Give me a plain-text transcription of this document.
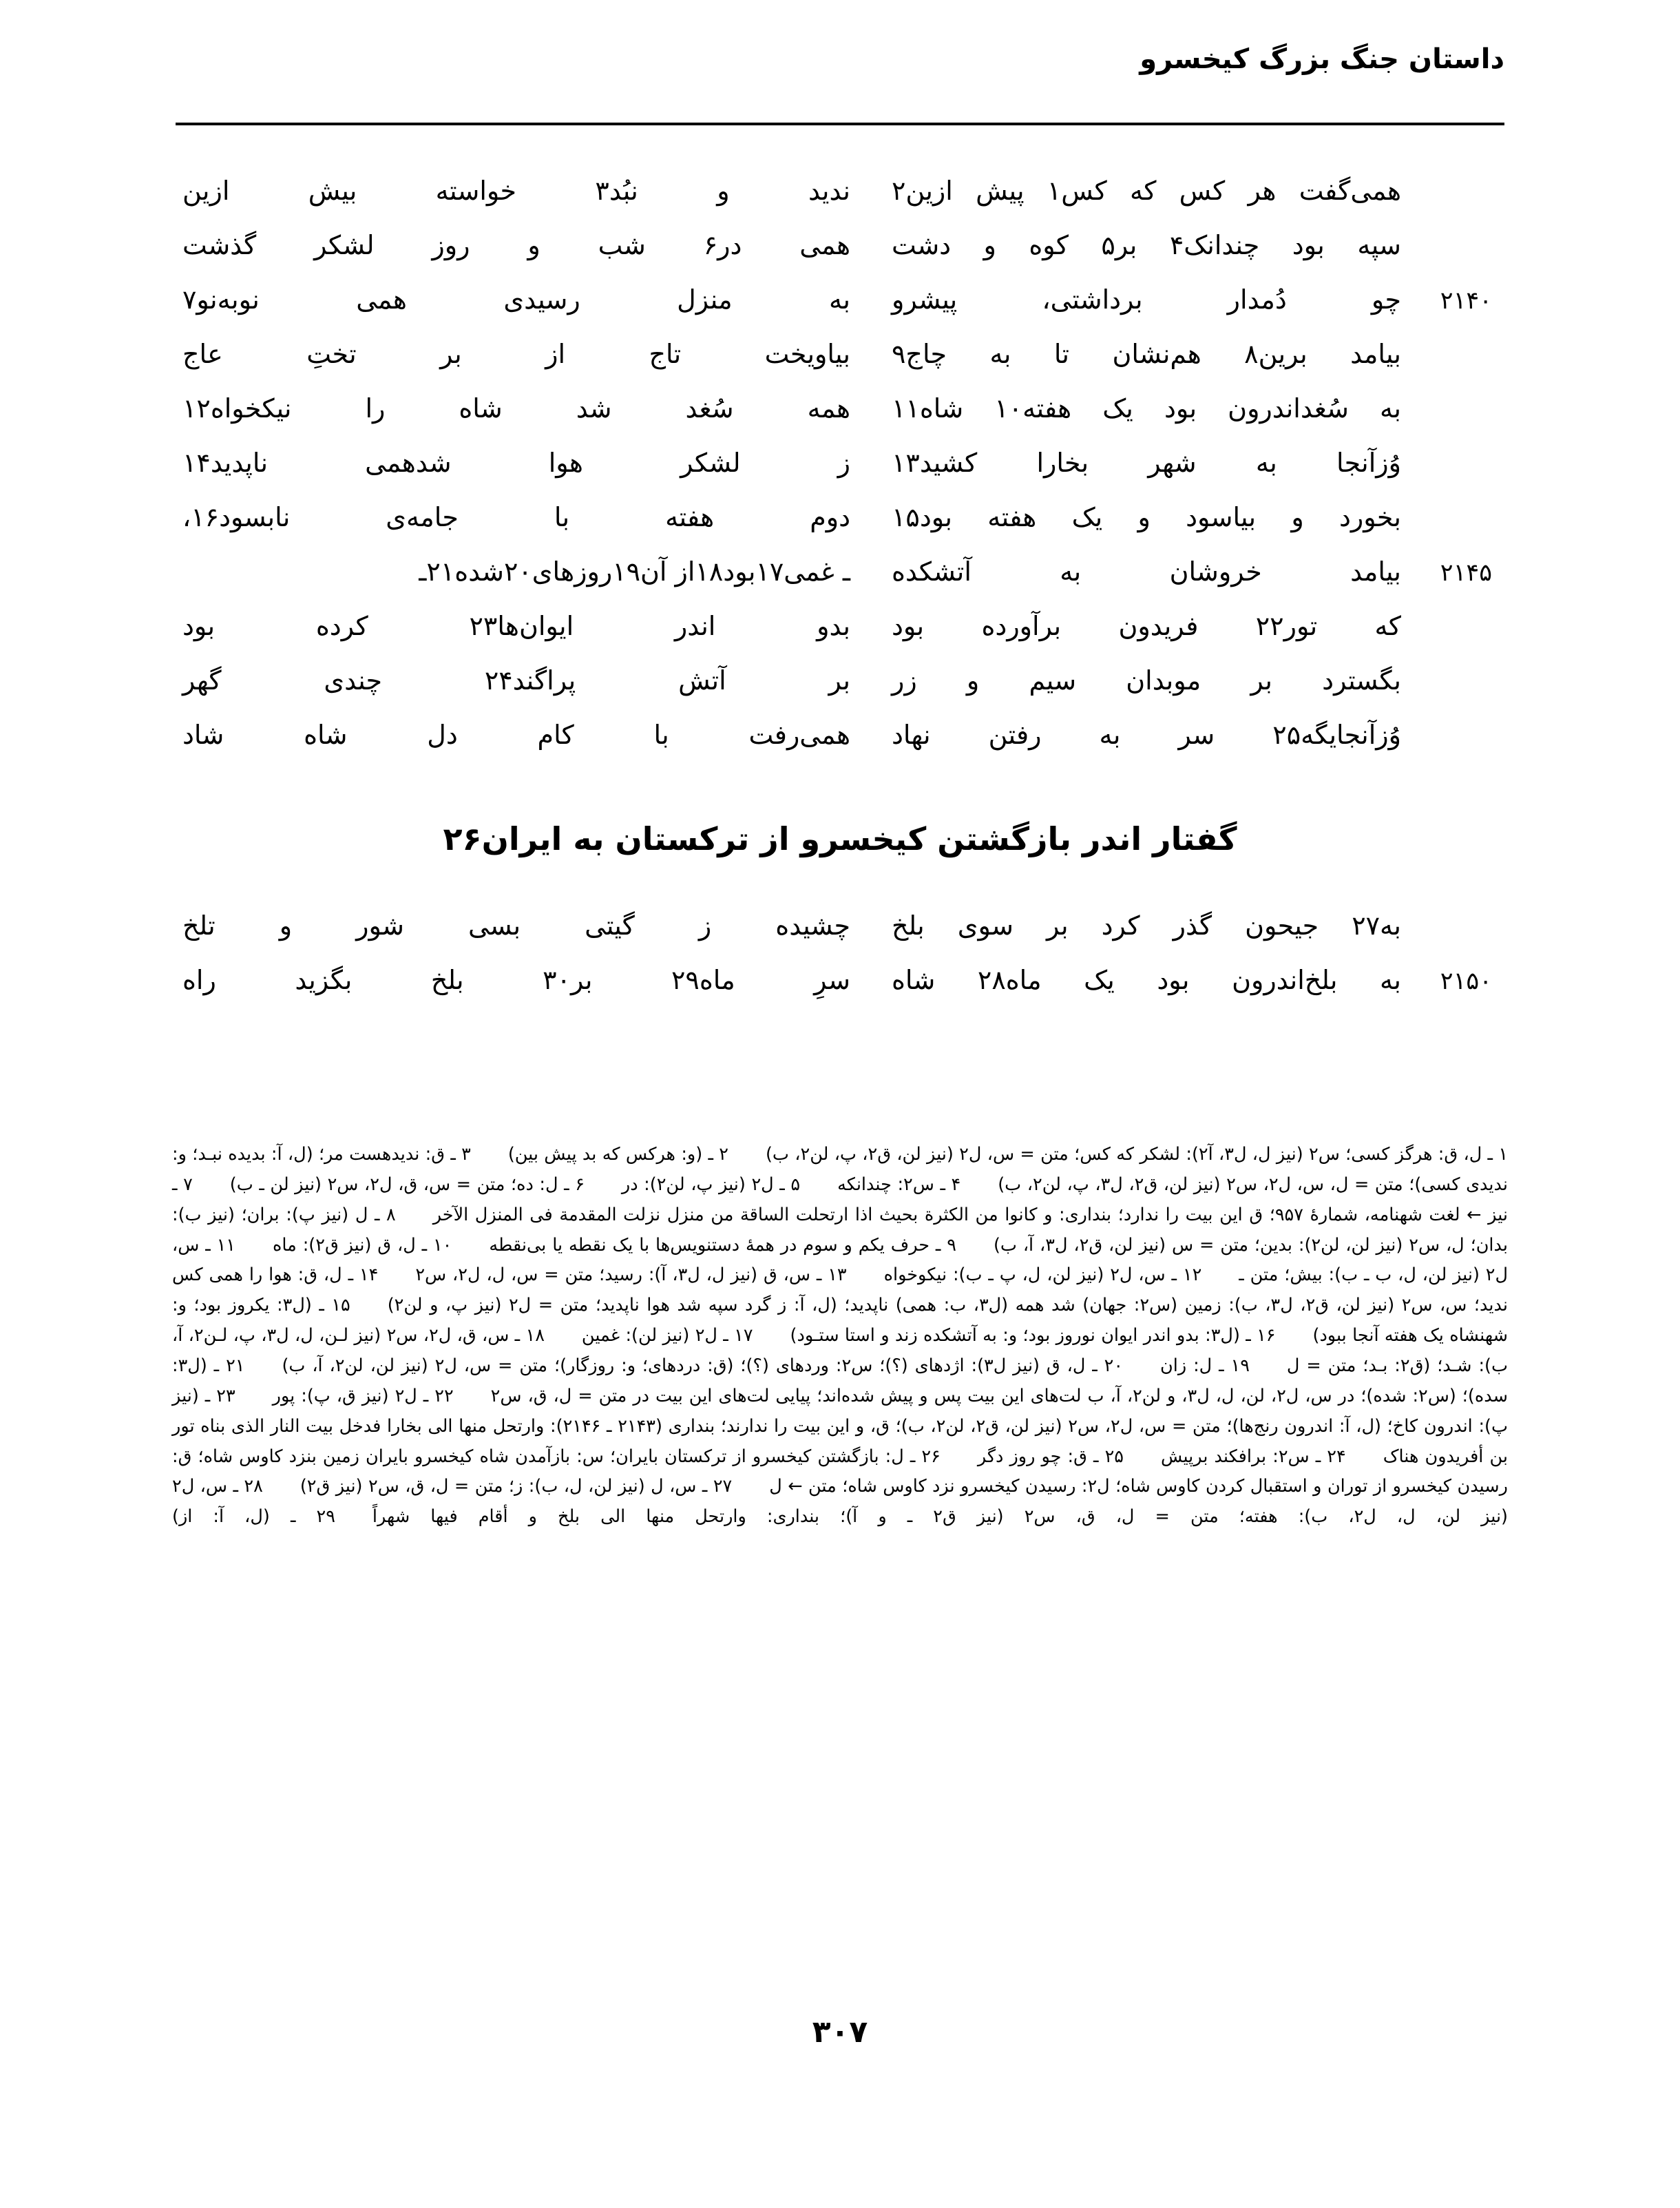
داستان جنگ بزرگ کیخسرو
همی‌گفت هر کس که کس۱ پیش ازین۲
ندید و نبُد۳ خواسته بیش ازین
سپه بود چندانک۴ بر۵ کوه و دشت
همی در۶ شب و روز لشکر گذشت
۲۱۴۰
چو دُمدار برداشتی، پیشرو
به منزل رسیدی همی نوبه‌نو۷
بیامد برین۸ هم‌نشان تا به چاج۹
بیاویخت تاج از بر تختِ عاج
به سُغداندرون بود یک هفته۱۰ شاه۱۱
همه سُغد شد شاه را نیکخواه۱۲
وُزآنجا به شهر بخارا کشید۱۳
ز لشکر هوا شدهمی ناپدید۱۴
بخورد و بیاسود و یک هفته بود۱۵
دوم هفته با جامه‌ی نابسود۱۶،
۲۱۴۵
بیامد خروشان به آتشکده
ـ غمی۱۷بود۱۸از آن۱۹روزهای۲۰شده۲۱ـ
که تور۲۲ فریدون برآورده بود
بدو اندر ایوان‌ها۲۳ کرده بود
بگسترد بر موبدان سیم و زر
بر آتش پراگند۲۴ چندی گهر
وُزآنجایگه۲۵ سر به رفتن نهاد
همی‌رفت با کام دل شاه شاد
گفتار اندر بازگشتن کیخسرو از ترکستان به ایران۲۶
به۲۷ جیحون گذر کرد بر سوی بلخ
چشیده ز گیتی بسی شور و تلخ
۲۱۵۰
به بلخ‌اندرون بود یک ماه۲۸ شاه
سرِ ماه۲۹ بر۳۰ بلخ بگزید راه

۱ ـ ل، ق: هرگز کسی؛ س۲ (نیز ل، ل۳، آ۲): لشکر که کس؛ متن = س، ل۲ (نیز لن، ق۲، پ، لن۲، ب)۲ ـ (و: هرکس که بد پیش بین)۳ ـ ق: ندیدهست مر؛ (ل، آ: بدیده نبـد؛ و: ندیدی کسی)؛ متن = ل، س، ل۲، س۲ (نیز لن، ق۲، ل۳، پ، لن۲، ب)۴ ـ س۲: چندانکه۵ ـ ل۲ (نیز پ، لن۲): در۶ ـ ل: ده؛ متن = س، ق، ل۲، س۲ (نیز لن ـ ب)۷ ـ نیز ← لغت شهنامه، شمارهٔ ۹۵۷؛ ق این بیت را ندارد؛ بنداری: و کانوا من الکثرة بحیث اذا ارتحلت الساقة من منزل نزلت المقدمة فی المنزل الآخر۸ ـ ل (نیز پ): بران؛ (نیز ب): بدان؛ ل، س۲ (نیز لن، لن۲): بدین؛ متن = س (نیز لن، ق۲، ل۳، آ، ب)۹ ـ حرف یکم و سوم در همهٔ دستنویس‌ها با یک نقطه یا بی‌نقطه۱۰ ـ ل، ق (نیز ق۲): ماه۱۱ ـ س، ل۲ (نیز لن، ل، ب ـ ب): بیش؛ متن ـ۱۲ ـ س، ل۲ (نیز لن، ل، پ ـ ب): نیکوخواه۱۳ ـ س، ق (نیز ل، ل۳، آ): رسید؛ متن = س، ل، ل۲، س۲۱۴ ـ ل، ق: هوا را همی کس ندید؛ س، س۲ (نیز لن، ق۲، ل۳، ب): زمین (س۲: جهان) شد همه (ل۳، ب: همی) ناپدید؛ (ل، آ: ز گرد سپه شد هوا ناپدید؛ متن = ل۲ (نیز پ، و لن۲)۱۵ ـ (ل۳: یکروز بود؛ و: شهنشاه یک هفته آنجا ببود)۱۶ ـ (ل۳: بدو اندر ایوان نوروز بود؛ و: به آتشکده زند و استا ستـود)۱۷ ـ ل۲ (نیز لن): غمین۱۸ ـ س، ق، ل۲، س۲ (نیز لـن، ل، ل۳، پ، لـن۲، آ، ب): شـد؛ (ق۲: بـد؛ متن = ل۱۹ ـ ل: زان۲۰ ـ ل، ق (نیز ل۳): اژدهای (؟)؛ س۲: وردهای (؟)؛ (ق: دردهای؛ و: روزگار)؛ متن = س، ل۲ (نیز لن، لن۲، آ، ب)۲۱ ـ (ل۳: سده)؛ (س۲: شده)؛ در س، ل۲، لن، ل، ل۳، و لن۲، آ، ب لت‌های این بیت پس و پیش شده‌اند؛ پیایی لت‌های این بیت در متن = ل، ق، س۲۲۲ ـ ل۲ (نیز ق، پ): پور۲۳ ـ (نیز پ): اندرون کاخ؛ (ل، آ: اندرون رنج‌ها)؛ متن = س، ل۲، س۲ (نیز لن، ق۲، لن۲، ب)؛ ق، و این بیت را ندارند؛ بنداری (۲۱۴۳ ـ ۲۱۴۶): وارتحل منها الی بخارا فدخل بیت النار الذی بناه تور بن أفریدون هناک۲۴ ـ س۲: برافکند برپیش۲۵ ـ ق: چو روز دگر۲۶ ـ ل: بازگشتن کیخسرو از ترکستان بایران؛ س: بازآمدن شاه کیخسرو بایران زمین بنزد کاوس شاه؛ ق: رسیدن کیخسرو از توران و استقبال کردن کاوس شاه؛ ل۲: رسیدن کیخسرو نزد کاوس شاه؛ متن ← ل۲۷ ـ س، ل (نیز لن، ل، ب): ز؛ متن = ل، ق، س۲ (نیز ق۲)۲۸ ـ س، ل۲ (نیز لن، ل، ل۲، ب): هفته؛ متن = ل، ق، س۲ (نیز ق۲ ـ و آ)؛ بنداری: وارتحل منها الی بلخ و أقام فیها شهراً۲۹ ـ (ل، آ: از)

۳۰۷
